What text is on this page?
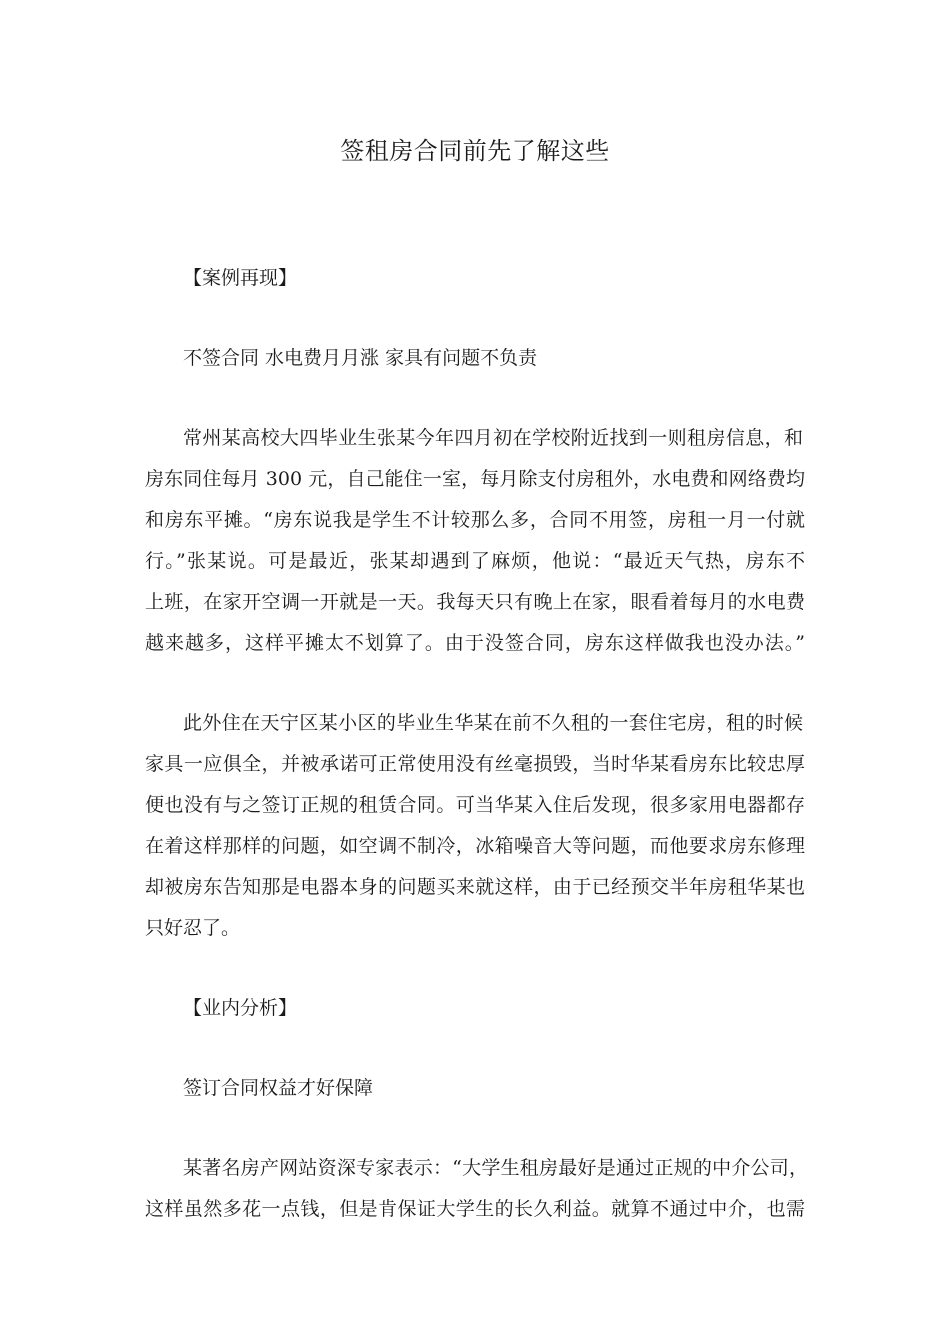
签租房合同前先了解这些
【案例再现】
不签合同 水电费月月涨 家具有问题不负责
常州某高校大四毕业生张某今年四月初在学校附近找到一则租房信息，和
房东同住每月 300 元，自己能住一室，每月除支付房租外，水电费和网络费均
和房东平摊。“房东说我是学生不计较那么多，合同不用签，房租一月一付就
行。”张某说。可是最近，张某却遇到了麻烦，他说：“最近天气热，房东不
上班，在家开空调一开就是一天。我每天只有晚上在家，眼看着每月的水电费
越来越多，这样平摊太不划算了。由于没签合同，房东这样做我也没办法。”
此外住在天宁区某小区的毕业生华某在前不久租的一套住宅房，租的时候
家具一应俱全，并被承诺可正常使用没有丝毫损毁，当时华某看房东比较忠厚
便也没有与之签订正规的租赁合同。可当华某入住后发现，很多家用电器都存
在着这样那样的问题，如空调不制冷，冰箱噪音大等问题，而他要求房东修理
却被房东告知那是电器本身的问题买来就这样，由于已经预交半年房租华某也
只好忍了。
【业内分析】
签订合同权益才好保障
某著名房产网站资深专家表示：“大学生租房最好是通过正规的中介公司，
这样虽然多花一点钱，但是肯保证大学生的长久利益。就算不通过中介，也需
